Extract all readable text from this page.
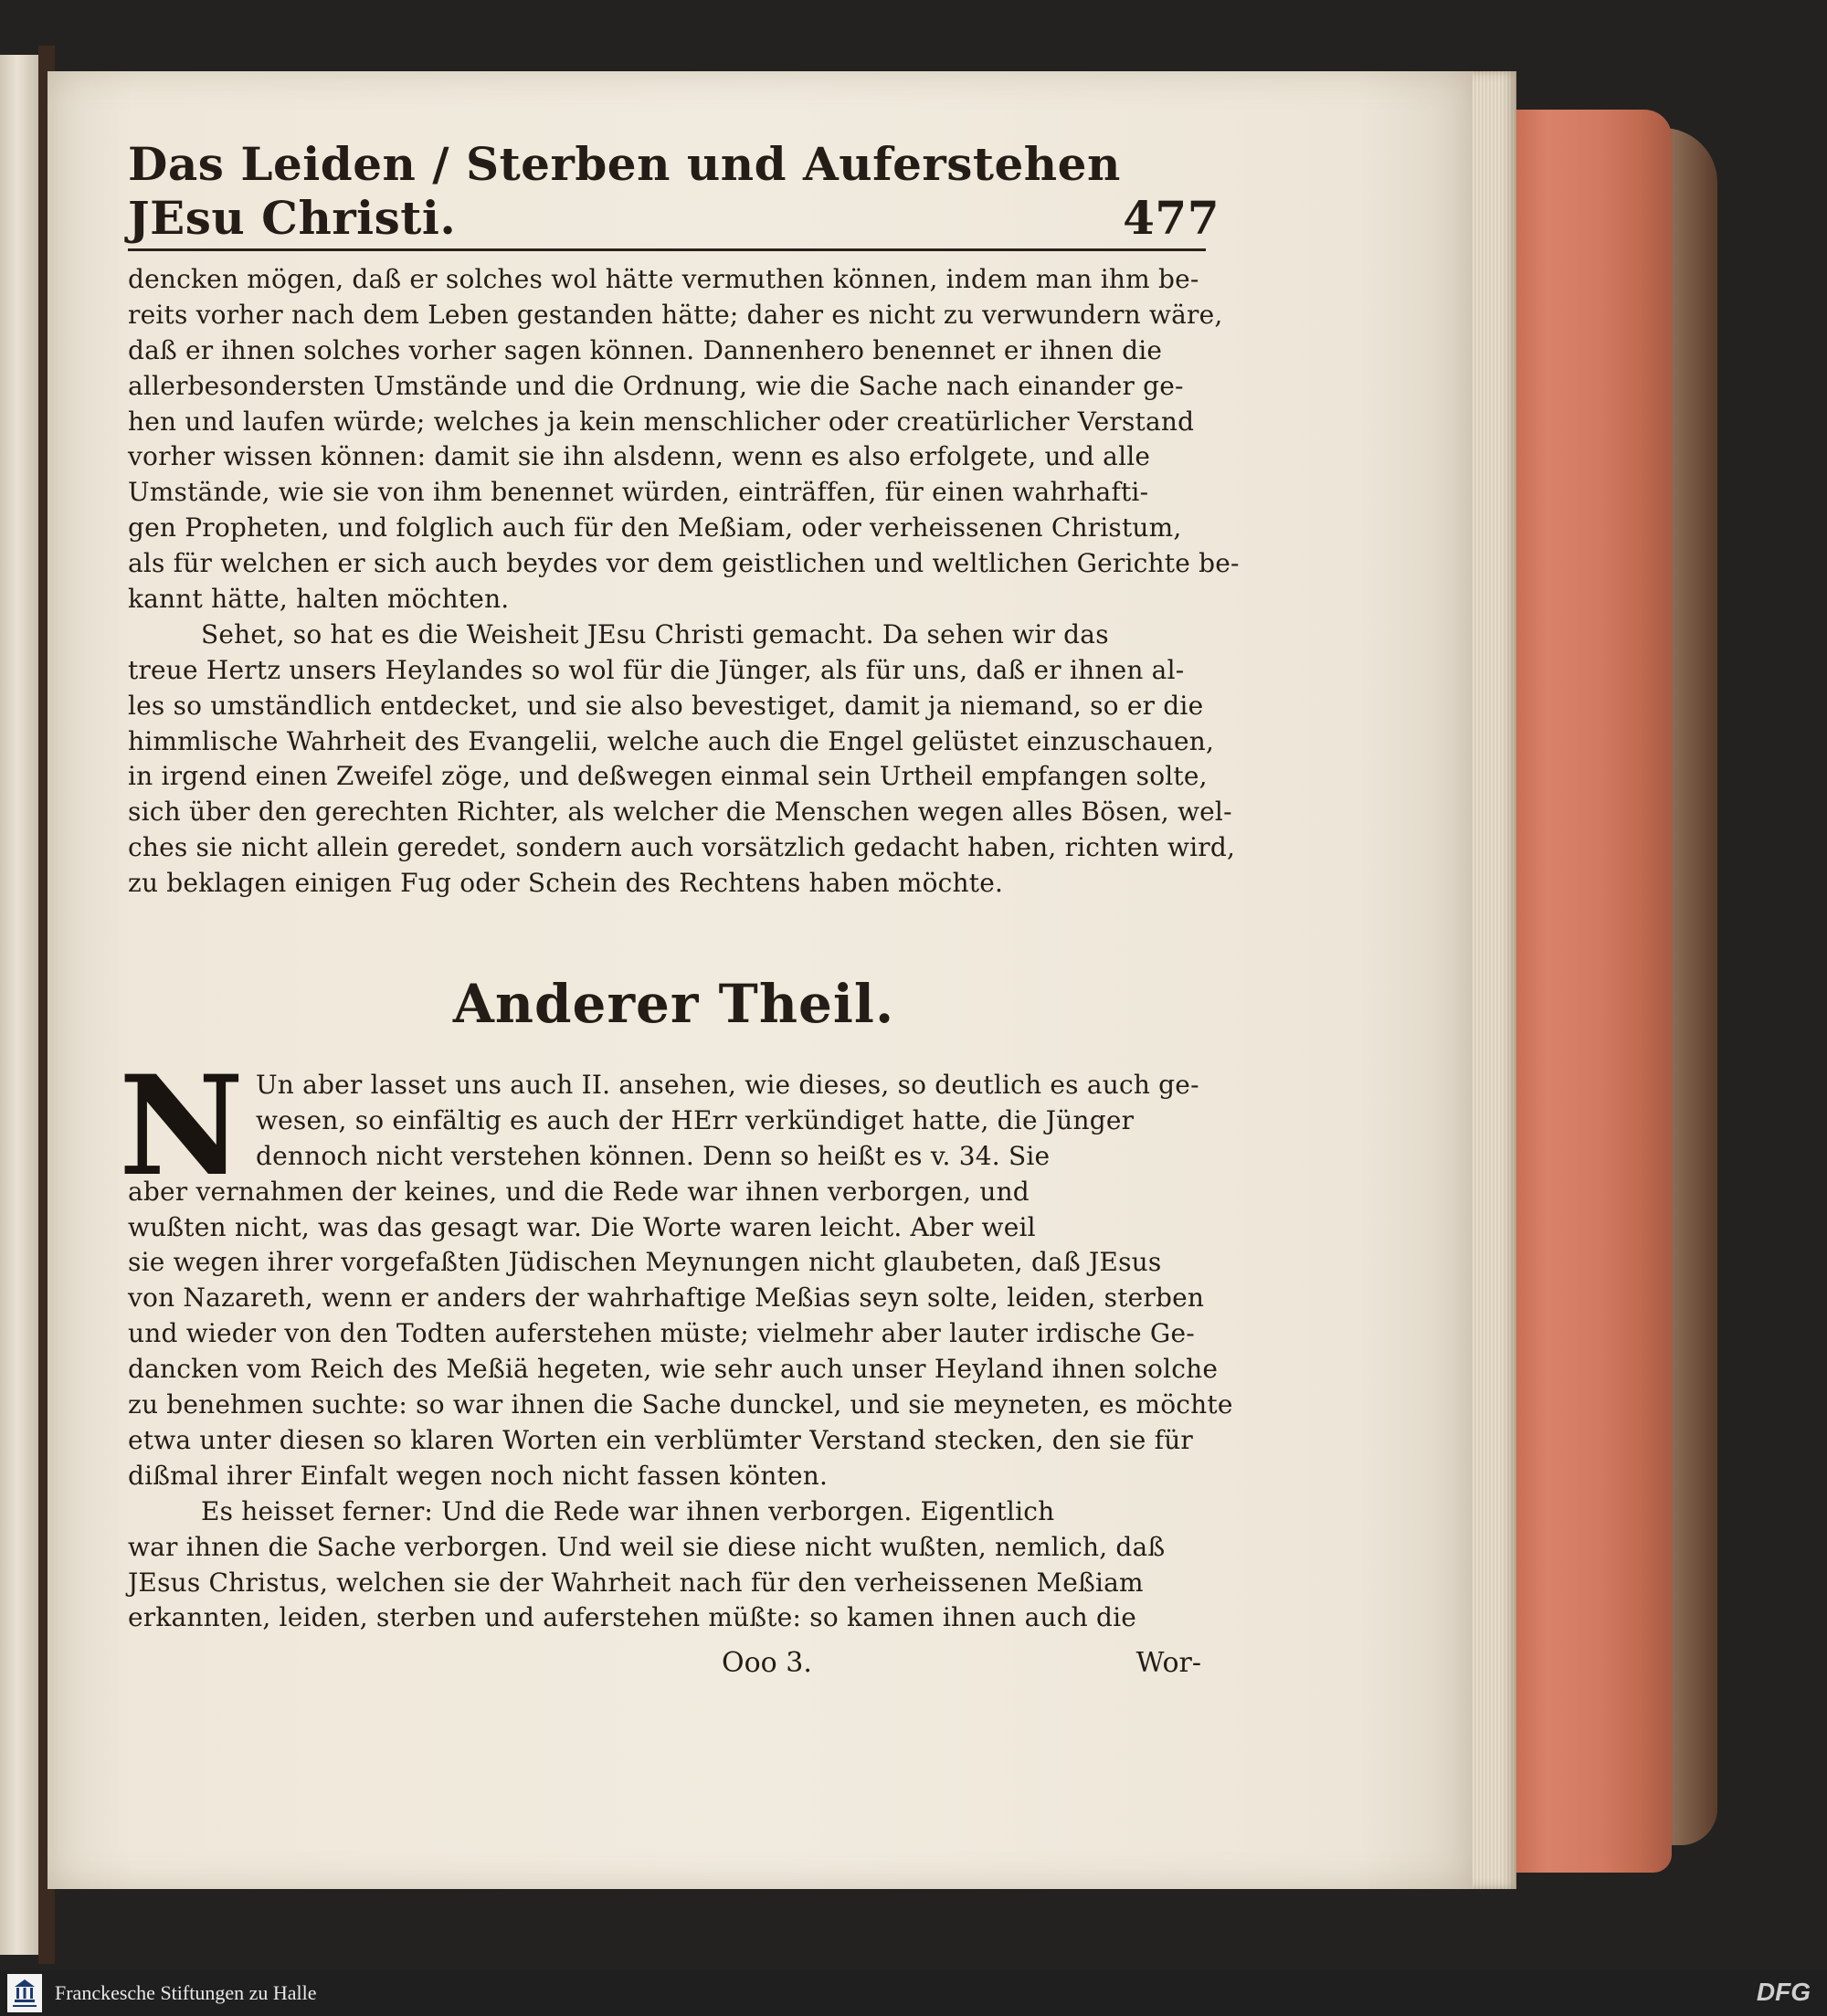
Das Leiden / Sterben und Auferstehen JEsu Christi.	477
dencken mögen, daß er solches wol hätte vermuthen können, indem man ihm be-
reits vorher nach dem Leben gestanden hätte; daher es nicht zu verwundern wäre,
daß er ihnen solches vorher sagen können. Dannenhero benennet er ihnen die
allerbesondersten Umstände und die Ordnung, wie die Sache nach einander ge-
hen und laufen würde; welches ja kein menschlicher oder creatürlicher Verstand
vorher wissen können: damit sie ihn alsdenn, wenn es also erfolgete, und alle
Umstände, wie sie von ihm benennet würden, einträffen, für einen wahrhafti-
gen Propheten, und folglich auch für den Meßiam, oder verheissenen Christum,
als für welchen er sich auch beydes vor dem geistlichen und weltlichen Gerichte be-
kannt hätte, halten möchten.
Sehet, so hat es die Weisheit JEsu Christi gemacht. Da sehen wir das
treue Hertz unsers Heylandes so wol für die Jünger, als für uns, daß er ihnen al-
les so umständlich entdecket, und sie also bevestiget, damit ja niemand, so er die
himmlische Wahrheit des Evangelii, welche auch die Engel gelüstet einzuschauen,
in irgend einen Zweifel zöge, und deßwegen einmal sein Urtheil empfangen solte,
sich über den gerechten Richter, als welcher die Menschen wegen alles Bösen, wel-
ches sie nicht allein geredet, sondern auch vorsätzlich gedacht haben, richten wird,
zu beklagen einigen Fug oder Schein des Rechtens haben möchte.
Anderer Theil.
N Un aber lasset uns auch II. ansehen, wie dieses, so deutlich es auch ge-
wesen, so einfältig es auch der HErr verkündiget hatte, die Jünger
dennoch nicht verstehen können. Denn so heißt es v. 34. Sie
aber vernahmen der keines, und die Rede war ihnen verborgen, und
wußten nicht, was das gesagt war. Die Worte waren leicht. Aber weil
sie wegen ihrer vorgefaßten Jüdischen Meynungen nicht glaubeten, daß JEsus
von Nazareth, wenn er anders der wahrhaftige Meßias seyn solte, leiden, sterben
und wieder von den Todten auferstehen müste; vielmehr aber lauter irdische Ge-
dancken vom Reich des Meßiä hegeten, wie sehr auch unser Heyland ihnen solche
zu benehmen suchte: so war ihnen die Sache dunckel, und sie meyneten, es möchte
etwa unter diesen so klaren Worten ein verblümter Verstand stecken, den sie für
dißmal ihrer Einfalt wegen noch nicht fassen könten.
Es heisset ferner: Und die Rede war ihnen verborgen. Eigentlich
war ihnen die Sache verborgen. Und weil sie diese nicht wußten, nemlich, daß
JEsus Christus, welchen sie der Wahrheit nach für den verheissenen Meßiam
erkannten, leiden, sterben und auferstehen müßte: so kamen ihnen auch die
Ooo 3.	Wor-
Franckesche Stiftungen zu Halle	DFG
